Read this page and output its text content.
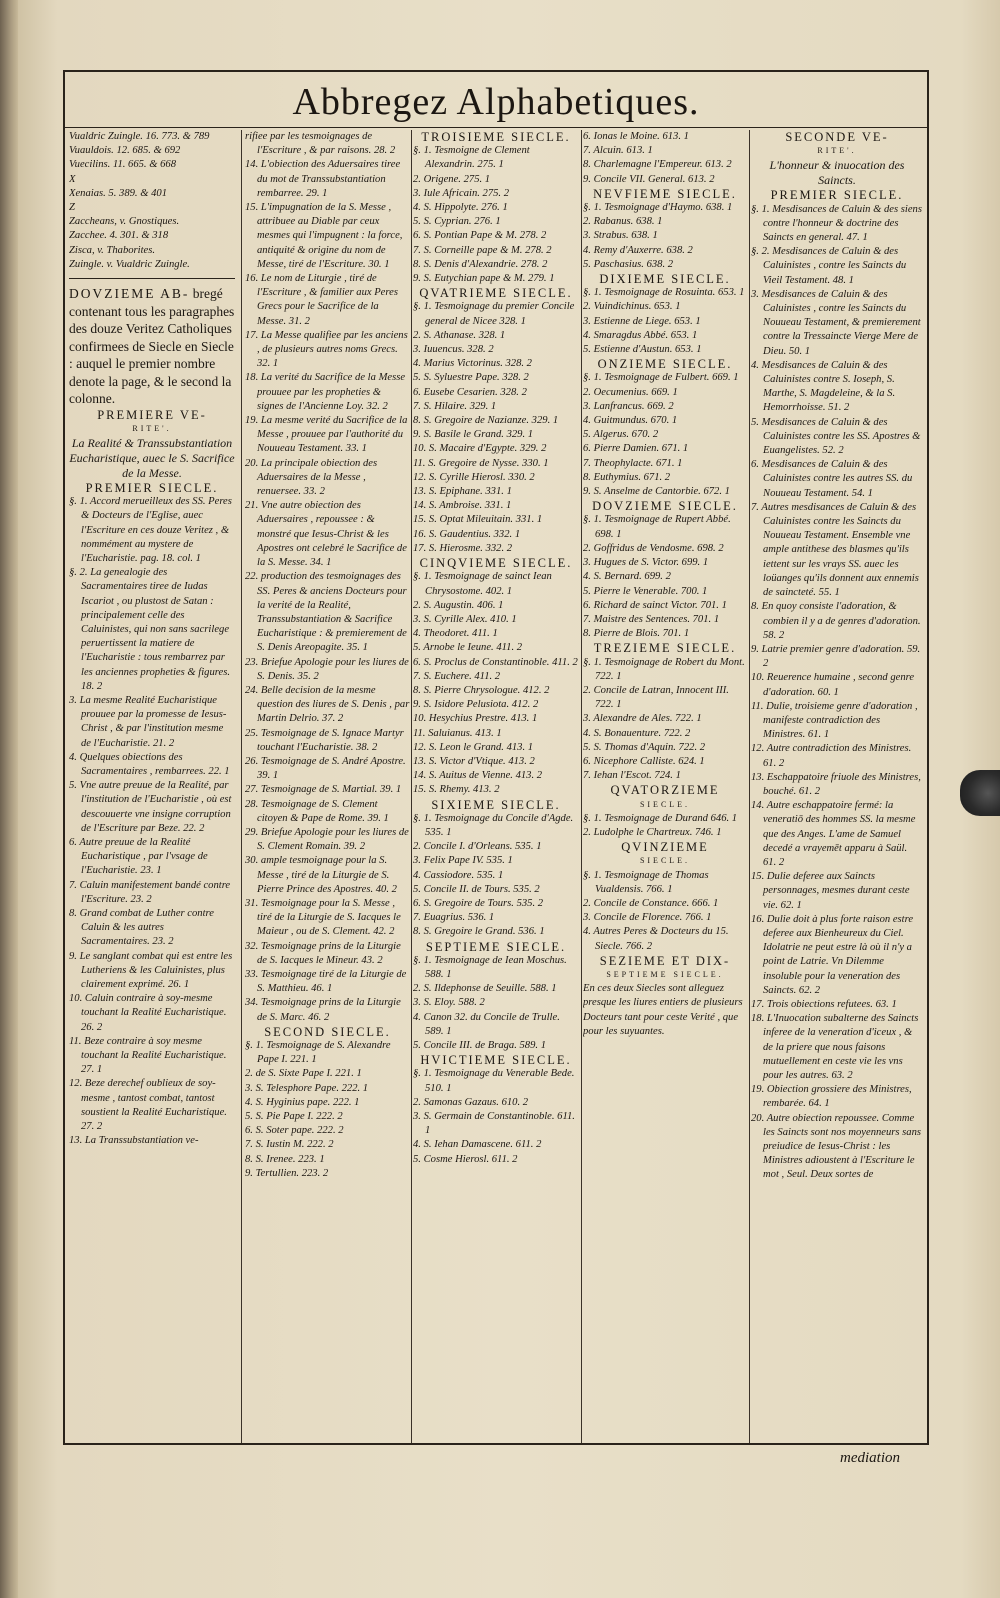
Abbregez Alphabetiques.

Vualdric Zuingle. 16. 773. & 789

Vuauldois. 12. 685. & 692

Vuecilins. 11. 665. & 668

X

Xenaias. 5. 389. & 401

Z

Zaccheans, v. Gnostiques.

Zacchee. 4. 301. & 318

Zisca, v. Thaborites.

Zuingle. v. Vualdric Zuingle.

DOVZIEME AB- bregé contenant tous les paragraphes des douze Veritez Catholiques confirmees de Siecle en Siecle : auquel le premier nombre denote la page, & le second la colonne.

PREMIERE VE-
RITE'.

La Realité & Transsubstantiation Eucharistique, auec le S. Sacrifice de la Messe.

PREMIER SIECLE.

§. 1. Accord merueilleux des SS. Peres & Docteurs de l'Eglise, auec l'Escriture en ces douze Veritez , & nommément au mystere de l'Eucharistie. pag. 18. col. 1

§. 2. La genealogie des Sacramentaires tiree de Iudas Iscariot , ou plustost de Satan : principalement celle des Caluinistes, qui non sans sacrilege peruertissent la matiere de l'Eucharistie : tous rembarrez par les anciennes propheties & figures. 18. 2

3. La mesme Realité Eucharistique prouuee par la promesse de Iesus-Christ , & par l'institution mesme de l'Eucharistie. 21. 2

4. Quelques obiections des Sacramentaires , rembarrees. 22. 1

5. Vne autre preuue de la Realité, par l'institution de l'Eucharistie , où est descouuerte vne insigne corruption de l'Escriture par Beze. 22. 2

6. Autre preuue de la Realité Eucharistique , par l'vsage de l'Eucharistie. 23. 1

7. Caluin manifestement bandé contre l'Escriture. 23. 2

8. Grand combat de Luther contre Caluin & les autres Sacramentaires. 23. 2

9. Le sanglant combat qui est entre les Lutheriens & les Caluinistes, plus clairement exprimé. 26. 1

10. Caluin contraire à soy-mesme touchant la Realité Eucharistique. 26. 2

11. Beze contraire à soy mesme touchant la Realité Eucharistique. 27. 1

12. Beze derechef oublieux de soy-mesme , tantost combat, tantost soustient la Realité Eucharistique. 27. 2

13. La Transsubstantiation ve-

rifiee par les tesmoignages de l'Escriture , & par raisons. 28. 2

14. L'obiection des Aduersaires tiree du mot de Transsubstantiation rembarree. 29. 1

15. L'impugnation de la S. Messe , attribuee au Diable par ceux mesmes qui l'impugnent : la force, antiquité & origine du nom de Messe, tiré de l'Escriture. 30. 1

16. Le nom de Liturgie , tiré de l'Escriture , & familier aux Peres Grecs pour le Sacrifice de la Messe. 31. 2

17. La Messe qualifiee par les anciens , de plusieurs autres noms Grecs. 32. 1

18. La verité du Sacrifice de la Messe prouuee par les propheties & signes de l'Ancienne Loy. 32. 2

19. La mesme verité du Sacrifice de la Messe , prouuee par l'authorité du Nouueau Testament. 33. 1

20. La principale obiection des Aduersaires de la Messe , renuersee. 33. 2

21. Vne autre obiection des Aduersaires , repoussee : & monstré que Iesus-Christ & les Apostres ont celebré le Sacrifice de la S. Messe. 34. 1

22. production des tesmoignages des SS. Peres & anciens Docteurs pour la verité de la Realité, Transsubstantiation & Sacrifice Eucharistique : & premierement de S. Denis Areopagite. 35. 1

23. Briefue Apologie pour les liures de S. Denis. 35. 2

24. Belle decision de la mesme question des liures de S. Denis , par Martin Delrio. 37. 2

25. Tesmoignage de S. Ignace Martyr touchant l'Eucharistie. 38. 2

26. Tesmoignage de S. André Apostre. 39. 1

27. Tesmoignage de S. Martial. 39. 1

28. Tesmoignage de S. Clement citoyen & Pape de Rome. 39. 1

29. Briefue Apologie pour les liures de S. Clement Romain. 39. 2

30. ample tesmoignage pour la S. Messe , tiré de la Liturgie de S. Pierre Prince des Apostres. 40. 2

31. Tesmoignage pour la S. Messe , tiré de la Liturgie de S. Iacques le Maieur , ou de S. Clement. 42. 2

32. Tesmoignage prins de la Liturgie de S. Iacques le Mineur. 43. 2

33. Tesmoignage tiré de la Liturgie de S. Matthieu. 46. 1

34. Tesmoignage prins de la Liturgie de S. Marc. 46. 2

SECOND SIECLE.

§. 1. Tesmoignage de S. Alexandre Pape I. 221. 1

2. de S. Sixte Pape I. 221. 1

3. S. Telesphore Pape. 222. 1

4. S. Hyginius pape. 222. 1

5. S. Pie Pape I. 222. 2

6. S. Soter pape. 222. 2

7. S. Iustin M. 222. 2

8. S. Irenee. 223. 1

9. Tertullien. 223. 2

TROISIEME SIECLE.

§. 1. Tesmoigne de Clement Alexandrin. 275. 1

2. Origene. 275. 1

3. Iule Africain. 275. 2

4. S. Hippolyte. 276. 1

5. S. Cyprian. 276. 1

6. S. Pontian Pape & M. 278. 2

7. S. Corneille pape & M. 278. 2

8. S. Denis d'Alexandrie. 278. 2

9. S. Eutychian pape & M. 279. 1

QVATRIEME SIECLE.

§. 1. Tesmoignage du premier Concile general de Nicee 328. 1

2. S. Athanase. 328. 1

3. Iuuencus. 328. 2

4. Marius Victorinus. 328. 2

5. S. Syluestre Pape. 328. 2

6. Eusebe Cesarien. 328. 2

7. S. Hilaire. 329. 1

8. S. Gregoire de Nazianze. 329. 1

9. S. Basile le Grand. 329. 1

10. S. Macaire d'Egypte. 329. 2

11. S. Gregoire de Nysse. 330. 1

12. S. Cyrille Hierosl. 330. 2

13. S. Epiphane. 331. 1

14. S. Ambroise. 331. 1

15. S. Optat Mileuitain. 331. 1

16. S. Gaudentius. 332. 1

17. S. Hierosme. 332. 2

CINQVIEME SIECLE.

§. 1. Tesmoignage de sainct Iean Chrysostome. 402. 1

2. S. Augustin. 406. 1

3. S. Cyrille Alex. 410. 1

4. Theodoret. 411. 1

5. Arnobe le Ieune. 411. 2

6. S. Proclus de Constantinoble. 411. 2

7. S. Euchere. 411. 2

8. S. Pierre Chrysologue. 412. 2

9. S. Isidore Pelusiota. 412. 2

10. Hesychius Prestre. 413. 1

11. Saluianus. 413. 1

12. S. Leon le Grand. 413. 1

13. S. Victor d'Vtique. 413. 2

14. S. Auitus de Vienne. 413. 2

15. S. Rhemy. 413. 2

SIXIEME SIECLE.

§. 1. Tesmoignage du Concile d'Agde. 535. 1

2. Concile I. d'Orleans. 535. 1

3. Felix Pape IV. 535. 1

4. Cassiodore. 535. 1

5. Concile II. de Tours. 535. 2

6. S. Gregoire de Tours. 535. 2

7. Euagrius. 536. 1

8. S. Gregoire le Grand. 536. 1

SEPTIEME SIECLE.

§. 1. Tesmoignage de Iean Moschus. 588. 1

2. S. Ildephonse de Seuille. 588. 1

3. S. Eloy. 588. 2

4. Canon 32. du Concile de Trulle. 589. 1

5. Concile III. de Braga. 589. 1

HVICTIEME SIECLE.

§. 1. Tesmoignage du Venerable Bede. 510. 1

2. Samonas Gazaus. 610. 2

3. S. Germain de Constantinoble. 611. 1

4. S. Iehan Damascene. 611. 2

5. Cosme Hierosl. 611. 2

6. Ionas le Moine. 613. 1

7. Alcuin. 613. 1

8. Charlemagne l'Empereur. 613. 2

9. Concile VII. General. 613. 2

NEVFIEME SIECLE.

§. 1. Tesmoignage d'Haymo. 638. 1

2. Rabanus. 638. 1

3. Strabus. 638. 1

4. Remy d'Auxerre. 638. 2

5. Paschasius. 638. 2

DIXIEME SIECLE.

§. 1. Tesmoignage de Rosuinta. 653. 1

2. Vuindichinus. 653. 1

3. Estienne de Liege. 653. 1

4. Smaragdus Abbé. 653. 1

5. Estienne d'Austun. 653. 1

ONZIEME SIECLE.

§. 1. Tesmoignage de Fulbert. 669. 1

2. Oecumenius. 669. 1

3. Lanfrancus. 669. 2

4. Guitmundus. 670. 1

5. Algerus. 670. 2

6. Pierre Damien. 671. 1

7. Theophylacte. 671. 1

8. Euthymius. 671. 2

9. S. Anselme de Cantorbie. 672. 1

DOVZIEME SIECLE.

§. 1. Tesmoignage de Rupert Abbé. 698. 1

2. Goffridus de Vendosme. 698. 2

3. Hugues de S. Victor. 699. 1

4. S. Bernard. 699. 2

5. Pierre le Venerable. 700. 1

6. Richard de sainct Victor. 701. 1

7. Maistre des Sentences. 701. 1

8. Pierre de Blois. 701. 1

TREZIEME SIECLE.

§. 1. Tesmoignage de Robert du Mont. 722. 1

2. Concile de Latran, Innocent III. 722. 1

3. Alexandre de Ales. 722. 1

4. S. Bonauenture. 722. 2

5. S. Thomas d'Aquin. 722. 2

6. Nicephore Calliste. 624. 1

7. Iehan l'Escot. 724. 1

QVATORZIEME
SIECLE.

§. 1. Tesmoignage de Durand 646. 1

2. Ludolphe le Chartreux. 746. 1

QVINZIEME
SIECLE.

§. 1. Tesmoignage de Thomas Vualdensis. 766. 1

2. Concile de Constance. 666. 1

3. Concile de Florence. 766. 1

4. Autres Peres & Docteurs du 15. Siecle. 766. 2

SEZIEME ET DIX-
SEPTIEME SIECLE.

En ces deux Siecles sont alleguez presque les liures entiers de plusieurs Docteurs tant pour ceste Verité , que pour les suyuantes.

SECONDE VE-
RITE'.

L'honneur & inuocation des Saincts.

PREMIER SIECLE.

§. 1. Mesdisances de Caluin & des siens contre l'honneur & doctrine des Saincts en general. 47. 1

§. 2. Mesdisances de Caluin & des Caluinistes , contre les Saincts du Vieil Testament. 48. 1

3. Mesdisances de Caluin & des Caluinistes , contre les Saincts du Nouueau Testament, & premierement contre la Tressaincte Vierge Mere de Dieu. 50. 1

4. Mesdisances de Caluin & des Caluinistes contre S. Ioseph, S. Marthe, S. Magdeleine, & la S. Hemorrhoisse. 51. 2

5. Mesdisances de Caluin & des Caluinistes contre les SS. Apostres & Euangelistes. 52. 2

6. Mesdisances de Caluin & des Caluinistes contre les autres SS. du Nouueau Testament. 54. 1

7. Autres mesdisances de Caluin & des Caluinistes contre les Saincts du Nouueau Testament. Ensemble vne ample antithese des blasmes qu'ils iettent sur les vrays SS. auec les loüanges qu'ils donnent aux ennemis de saincteté. 55. 1

8. En quoy consiste l'adoration, & combien il y a de genres d'adoration. 58. 2

9. Latrie premier genre d'adoration. 59. 2

10. Reuerence humaine , second genre d'adoration. 60. 1

11. Dulie, troisieme genre d'adoration , manifeste contradiction des Ministres. 61. 1

12. Autre contradiction des Ministres. 61. 2

13. Eschappatoire friuole des Ministres, bouché. 61. 2

14. Autre eschappatoire fermé: la veneratiō des hommes SS. la mesme que des Anges. L'ame de Samuel decedé a vrayemēt apparu à Saül. 61. 2

15. Dulie deferee aux Saincts personnages, mesmes durant ceste vie. 62. 1

16. Dulie doit à plus forte raison estre deferee aux Bienheureux du Ciel. Idolatrie ne peut estre là où il n'y a point de Latrie. Vn Dilemme insoluble pour la veneration des Saincts. 62. 2

17. Trois obiections refutees. 63. 1

18. L'Inuocation subalterne des Saincts inferee de la veneration d'iceux , & de la priere que nous faisons mutuellement en ceste vie les vns pour les autres. 63. 2

19. Obiection grossiere des Ministres, rembarée. 64. 1

20. Autre obiection repoussee. Comme les Saincts sont nos moyenneurs sans preiudice de Iesus-Christ : les Ministres adioustent à l'Escriture le mot , Seul. Deux sortes de

mediation
